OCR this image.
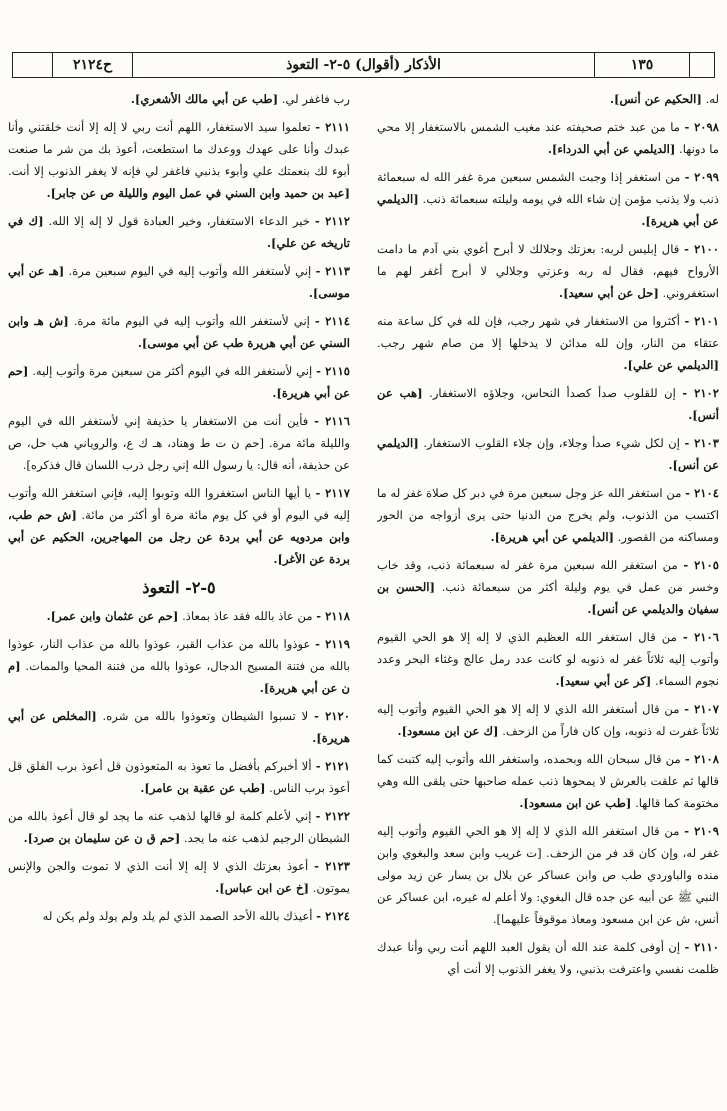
ح٢١٢٤	الأذكار (أقوال) ٥-٢- التعوذ	١٣٥

له. [الحكيم عن أنس].

٢٠٩٨ - ما من عبد ختم صحيفته عند مغيب الشمس بالاستغفار إلا محي ما دونها. [الديلمي عن أبي الدرداء].

٢٠٩٩ - من استغفر إذا وجبت الشمس سبعين مرة غفر الله له سبعمائة ذنب ولا يذنب مؤمن إن شاء الله في يومه وليلته سبعمائة ذنب. [الديلمي عن أبي هريرة].

٢١٠٠ - قال إبليس لربه: بعزتك وجلالك لا أبرح أغوي بني آدم ما دامت الأرواح فيهم، فقال له ربه وعزتي وجلالي لا أبرح أغفر لهم ما استغفروني. [حل عن أبي سعيد].

٢١٠١ - أكثروا من الاستغفار في شهر رجب، فإن لله في كل ساعة منه عتقاء من النار، وإن لله مدائن لا يدخلها إلا من صام شهر رجب. [الديلمي عن علي].

٢١٠٢ - إن للقلوب صدأ كصدأ النحاس، وجلاؤه الاستغفار. [هب عن أنس].

٢١٠٣ - إن لكل شيء صدأ وجلاء، وإن جلاء القلوب الاستغفار. [الديلمي عن أنس].

٢١٠٤ - من استغفر الله عز وجل سبعين مرة في دبر كل صلاة غفر له ما اكتسب من الذنوب، ولم يخرج من الدنيا حتى يرى أزواجه من الحور ومساكنه من القصور. [الديلمي عن أبي هريرة].

٢١٠٥ - من استغفر الله سبعين مرة غفر له سبعمائة ذنب، وقد خاب وخسر من عمل في يوم وليلة أكثر من سبعمائة ذنب. [الحسن بن سفيان والديلمي عن أنس].

٢١٠٦ - من قال استغفر الله العظيم الذي لا إله إلا هو الحي القيوم وأتوب إليه ثلاثاً غفر له ذنوبه لو كانت عدد رمل عالج وغثاء البحر وعدد نجوم السماء. [كر عن أبي سعيد].

٢١٠٧ - من قال أستغفر الله الذي لا إله إلا هو الحي القيوم وأتوب إليه ثلاثاً غفرت له ذنوبه، وإن كان فاراً من الزحف. [ك عن ابن مسعود].

٢١٠٨ - من قال سبحان الله وبحمده، واستغفر الله وأتوب إليه كتبت كما قالها ثم علقت بالعرش لا يمحوها ذنب عمله صاحبها حتى يلقى الله وهي مختومة كما قالها. [طب عن ابن مسعود].

٢١٠٩ - من قال استغفر الله الذي لا إله إلا هو الحي القيوم وأتوب إليه غفر له، وإن كان قد فر من الزحف. [ت غريب وابن سعد والبغوي وابن منده والباوردي طب ص وابن عساكر عن بلال بن يسار عن زيد مولى النبي ﷺ عن أبيه عن جده قال البغوي: ولا أعلم له غيره، ابن عساكر عن أنس، ش عن ابن مسعود ومعاذ موقوفاً عليهما].

٢١١٠ - إن أوفى كلمة عند الله أن يقول العبد اللهم أنت ربي وأنا عبدك ظلمت نفسي واعترفت بذنبي، ولا يغفر الذنوب إلا أنت أي

رب فاغفر لي. [طب عن أبي مالك الأشعري].

٢١١١ - تعلموا سيد الاستغفار، اللهم أنت ربي لا إله إلا أنت خلقتني وأنا عبدك وأنا على عهدك ووعدك ما استطعت، أعوذ بك من شر ما صنعت أبوء لك بنعمتك علي وأبوء بذنبي فاغفر لي فإنه لا يغفر الذنوب إلا أنت. [عبد بن حميد وابن السني في عمل اليوم والليلة ص عن جابر].

٢١١٢ - خير الدعاء الاستغفار، وخير العبادة قول لا إله إلا الله. [ك في تاريخه عن علي].

٢١١٣ - إني لأستغفر الله وأتوب إليه في اليوم سبعين مرة. [هـ عن أبي موسى].

٢١١٤ - إني لأستغفر الله وأتوب إليه في اليوم مائة مرة. [ش هـ وابن السني عن أبي هريرة طب عن أبي موسى].

٢١١٥ - إني لأستغفر الله في اليوم أكثر من سبعين مرة وأتوب إليه. [حم عن أبي هريرة].

٢١١٦ - فأين أنت من الاستغفار يا حذيفة إني لأستغفر الله في اليوم والليلة مائة مرة. [حم ن ت ط وهناد، هـ ك ع، والروياني هب حل، ص عن حذيفة، أنه قال: يا رسول الله إني رجل ذرب اللسان قال فذكره].

٢١١٧ - يا أيها الناس استغفروا الله وتوبوا إليه، فإني استغفر الله وأتوب إليه في اليوم أو في كل يوم مائة مرة أو أكثر من مائة. [ش حم طب، وابن مردويه عن أبي بردة عن رجل من المهاجرين، الحكيم عن أبي بردة عن الأغر].

٥-٢- التعوذ

٢١١٨ - من عاذ بالله فقد عاذ بمعاذ. [حم عن عثمان وابن عمر].

٢١١٩ - عوذوا بالله من عذاب القبر، عوذوا بالله من عذاب النار، عوذوا بالله من فتنة المسيح الدجال، عوذوا بالله من فتنة المحيا والممات. [م ن عن أبي هريرة].

٢١٢٠ - لا تسبوا الشيطان وتعوذوا بالله من شره. [المخلص عن أبي هريرة].

٢١٢١ - ألا أخبركم بأفضل ما تعوذ به المتعوذون قل أعوذ برب الفلق قل أعوذ برب الناس. [طب عن عقبة بن عامر].

٢١٢٢ - إني لأعلم كلمة لو قالها لذهب عنه ما يجد لو قال أعوذ بالله من الشيطان الرجيم لذهب عنه ما يجد. [حم ق ن عن سليمان بن صرد].

٢١٢٣ - أعوذ بعزتك الذي لا إله إلا أنت الذي لا تموت والجن والإنس يموتون. [خ عن ابن عباس].

٢١٢٤ - أعيذك بالله الأحد الصمد الذي لم يلد ولم يولد ولم يكن له
